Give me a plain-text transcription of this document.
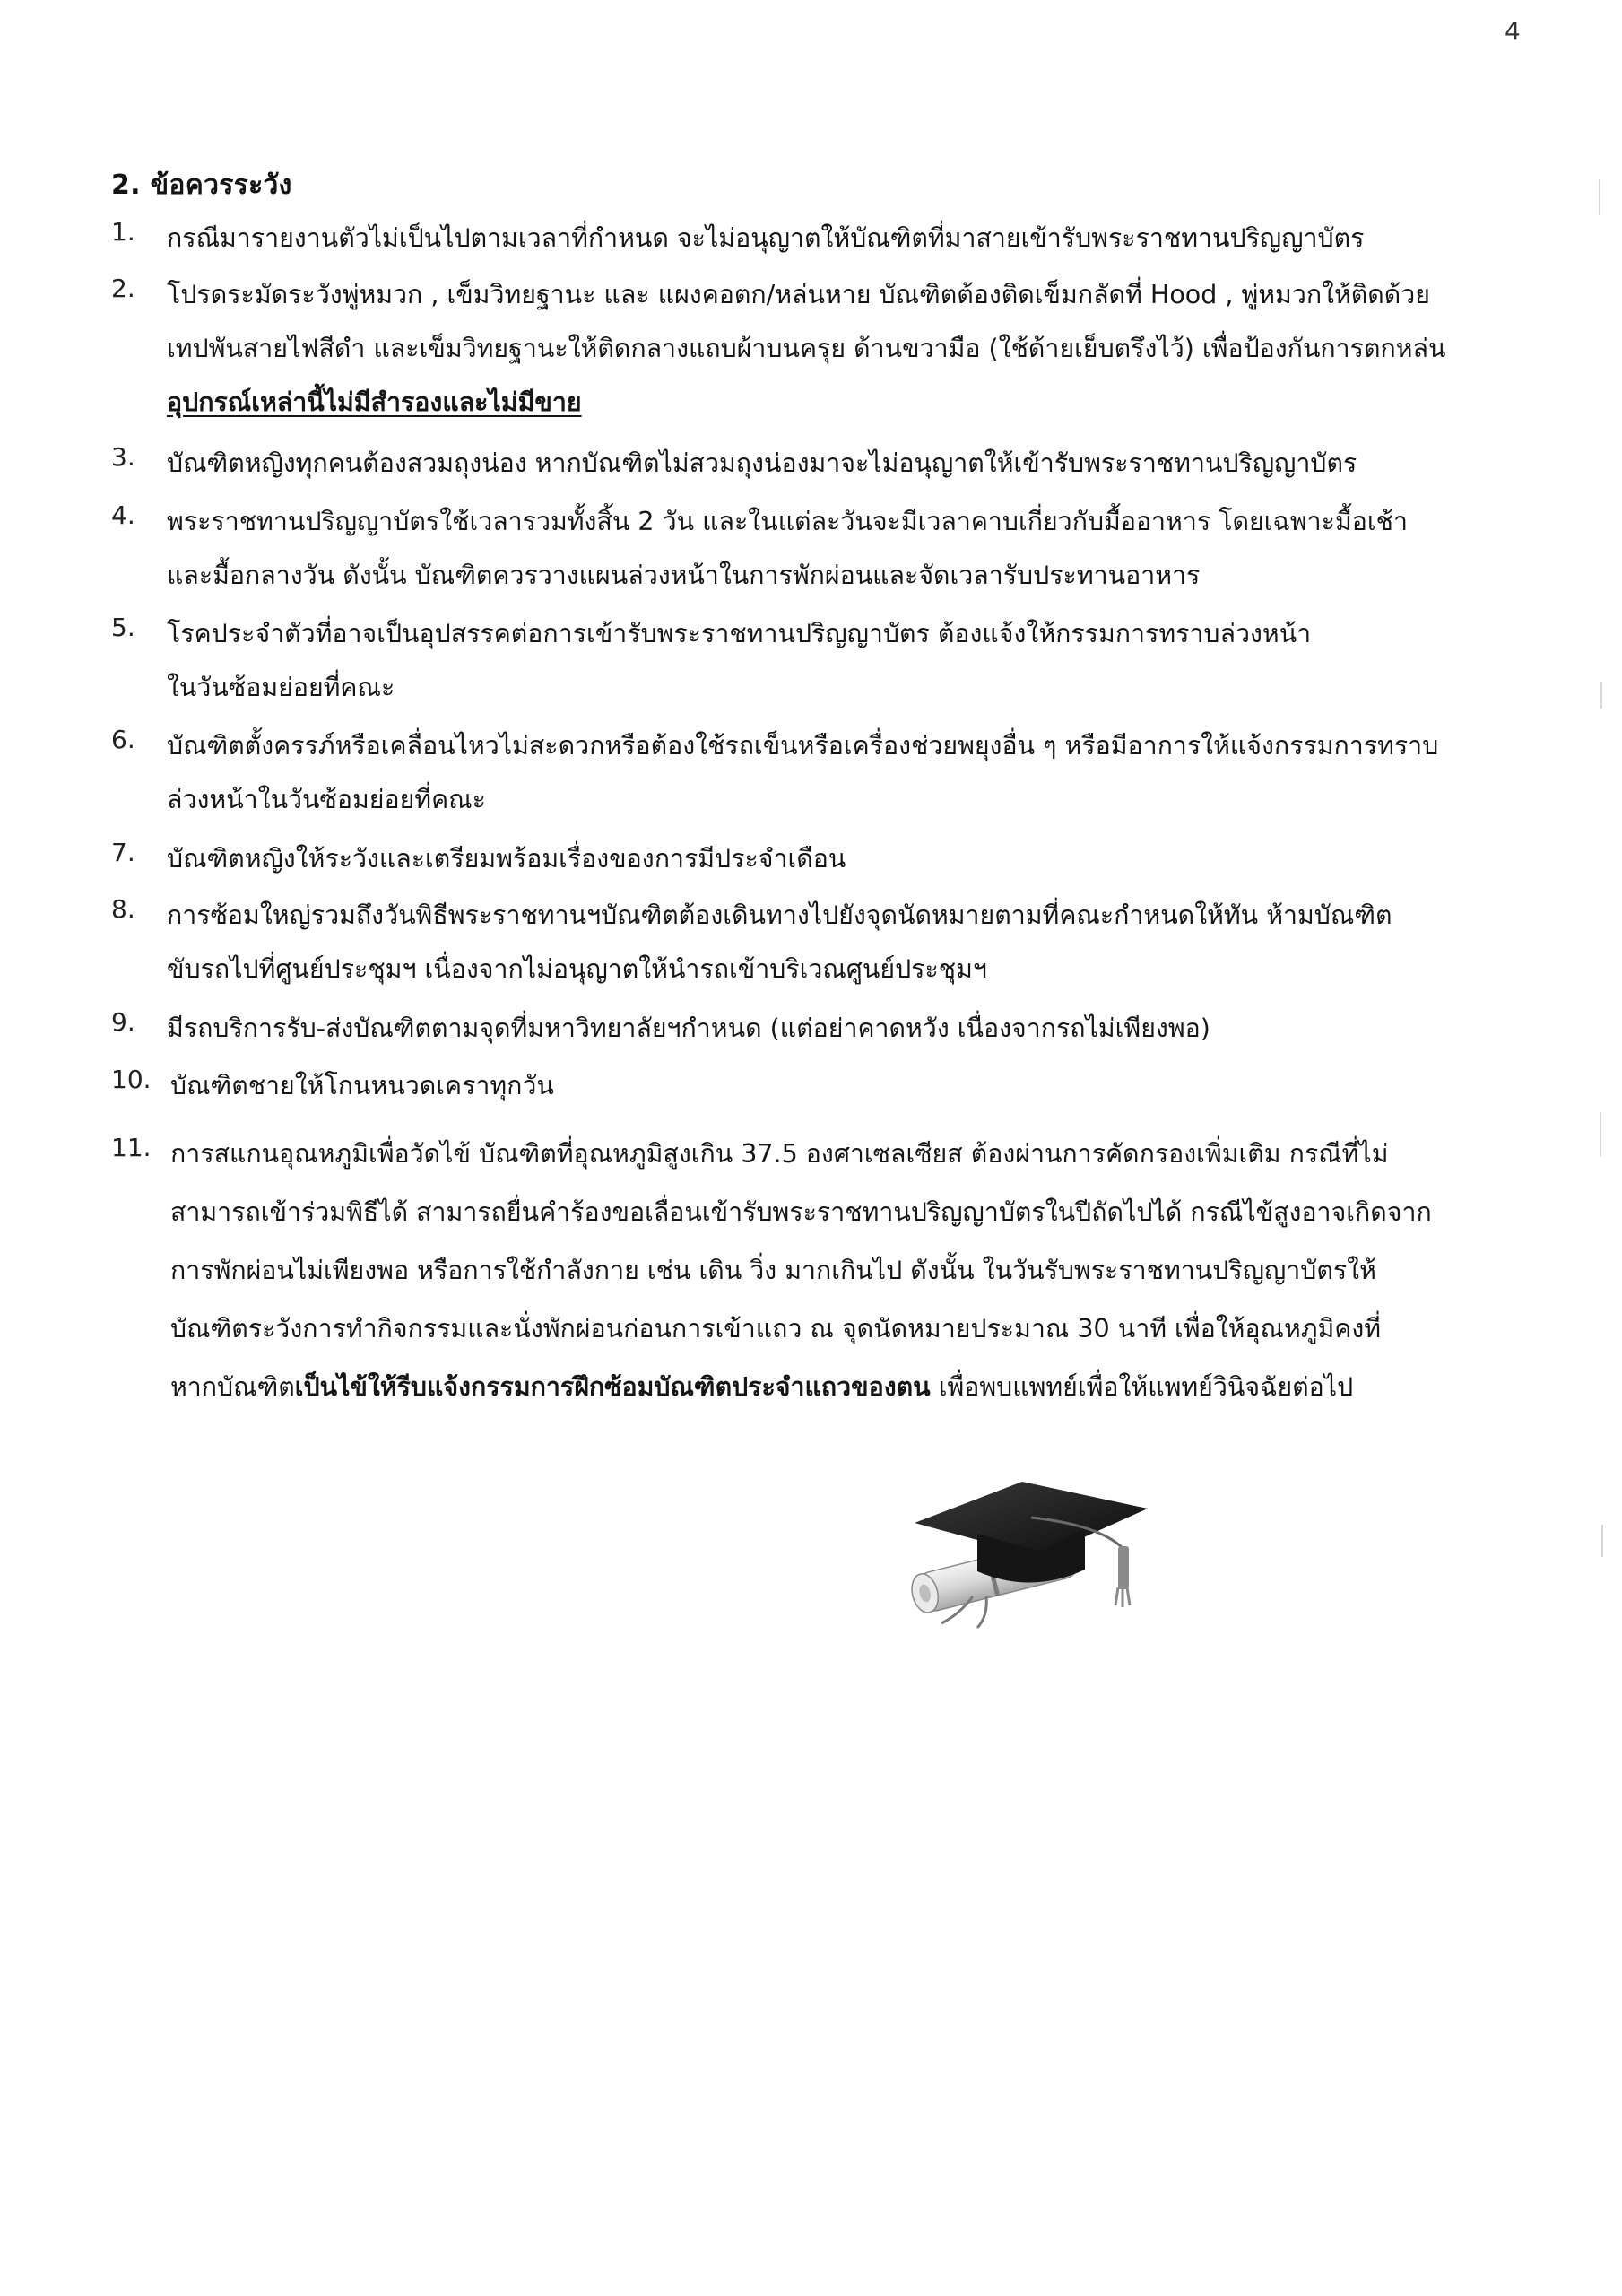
4
2. ข้อควรระวัง
1.	กรณีมารายงานตัวไม่เป็นไปตามเวลาที่กำหนด จะไม่อนุญาตให้บัณฑิตที่มาสายเข้ารับพระราชทานปริญญาบัตร
2.	โปรดระมัดระวังพู่หมวก , เข็มวิทยฐานะ และ แผงคอตก/หล่นหาย บัณฑิตต้องติดเข็มกลัดที่ Hood , พู่หมวกให้ติดด้วย
เทปพันสายไฟสีดำ และเข็มวิทยฐานะให้ติดกลางแถบผ้าบนครุย ด้านขวามือ (ใช้ด้ายเย็บตรึงไว้) เพื่อป้องกันการตกหล่น
อุปกรณ์เหล่านี้ไม่มีสำรองและไม่มีขาย
3.	บัณฑิตหญิงทุกคนต้องสวมถุงน่อง หากบัณฑิตไม่สวมถุงน่องมาจะไม่อนุญาตให้เข้ารับพระราชทานปริญญาบัตร
4.	พระราชทานปริญญาบัตรใช้เวลารวมทั้งสิ้น 2 วัน และในแต่ละวันจะมีเวลาคาบเกี่ยวกับมื้ออาหาร โดยเฉพาะมื้อเช้า
และมื้อกลางวัน ดังนั้น บัณฑิตควรวางแผนล่วงหน้าในการพักผ่อนและจัดเวลารับประทานอาหาร
5.	โรคประจำตัวที่อาจเป็นอุปสรรคต่อการเข้ารับพระราชทานปริญญาบัตร ต้องแจ้งให้กรรมการทราบล่วงหน้า
ในวันซ้อมย่อยที่คณะ
6.	บัณฑิตตั้งครรภ์หรือเคลื่อนไหวไม่สะดวกหรือต้องใช้รถเข็นหรือเครื่องช่วยพยุงอื่น ๆ หรือมีอาการให้แจ้งกรรมการทราบ
ล่วงหน้าในวันซ้อมย่อยที่คณะ
7.	บัณฑิตหญิงให้ระวังและเตรียมพร้อมเรื่องของการมีประจำเดือน
8.	การซ้อมใหญ่รวมถึงวันพิธีพระราชทานฯบัณฑิตต้องเดินทางไปยังจุดนัดหมายตามที่คณะกำหนดให้ทัน ห้ามบัณฑิต
ขับรถไปที่ศูนย์ประชุมฯ เนื่องจากไม่อนุญาตให้นำรถเข้าบริเวณศูนย์ประชุมฯ
9.	มีรถบริการรับ-ส่งบัณฑิตตามจุดที่มหาวิทยาลัยฯกำหนด (แต่อย่าคาดหวัง เนื่องจากรถไม่เพียงพอ)
10. บัณฑิตชายให้โกนหนวดเคราทุกวัน
11. การสแกนอุณหภูมิเพื่อวัดไข้ บัณฑิตที่อุณหภูมิสูงเกิน 37.5 องศาเซลเซียส ต้องผ่านการคัดกรองเพิ่มเติม กรณีที่ไม่
สามารถเข้าร่วมพิธีได้ สามารถยื่นคำร้องขอเลื่อนเข้ารับพระราชทานปริญญาบัตรในปีถัดไปได้ กรณีไข้สูงอาจเกิดจาก
การพักผ่อนไม่เพียงพอ หรือการใช้กำลังกาย เช่น เดิน วิ่ง มากเกินไป ดังนั้น ในวันรับพระราชทานปริญญาบัตรให้
บัณฑิตระวังการทำกิจกรรมและนั่งพักผ่อนก่อนการเข้าแถว ณ จุดนัดหมายประมาณ 30 นาที เพื่อให้อุณหภูมิคงที่
หากบัณฑิตเป็นไข้ให้รีบแจ้งกรรมการฝึกซ้อมบัณฑิตประจำแถวของตน เพื่อพบแพทย์เพื่อให้แพทย์วินิจฉัยต่อไป
